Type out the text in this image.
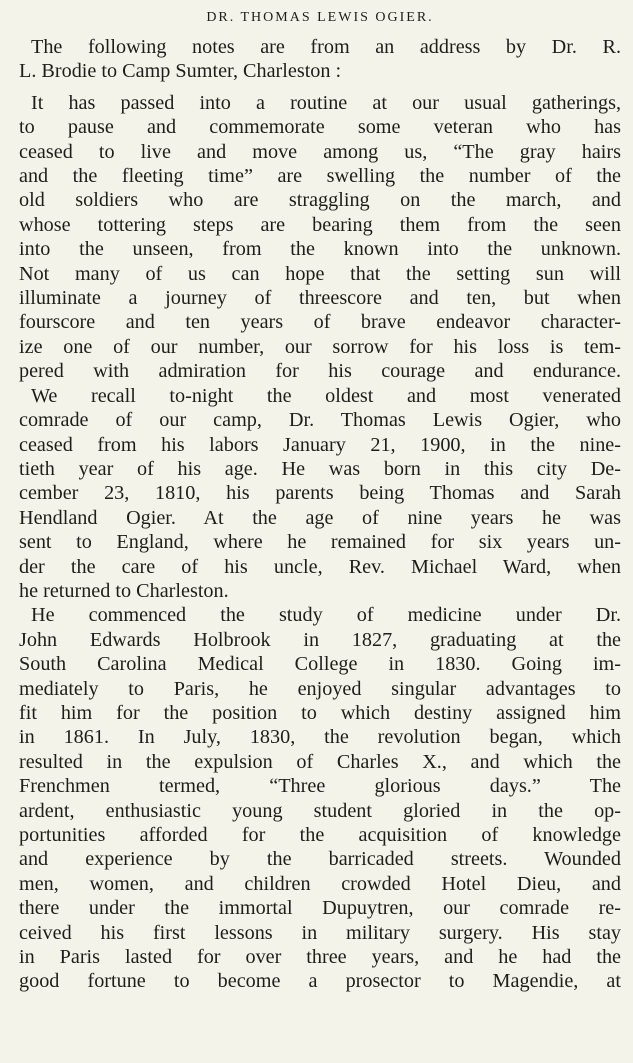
DR. THOMAS LEWIS OGIER.

The following notes are from an address by Dr. R.
L. Brodie to Camp Sumter, Charleston :

It has passed into a routine at our usual gatherings,
to pause and commemorate some veteran who has
ceased to live and move among us, “The gray hairs
and the fleeting time” are swelling the number of the
old soldiers who are straggling on the march, and
whose tottering steps are bearing them from the seen
into the unseen, from the known into the unknown.
Not many of us can hope that the setting sun will
illuminate a journey of threescore and ten, but when
fourscore and ten years of brave endeavor character-
ize one of our number, our sorrow for his loss is tem-
pered with admiration for his courage and endurance.

We recall to-night the oldest and most venerated
comrade of our camp, Dr. Thomas Lewis Ogier, who
ceased from his labors January 21, 1900, in the nine-
tieth year of his age. He was born in this city De-
cember 23, 1810, his parents being Thomas and Sarah
Hendland Ogier. At the age of nine years he was
sent to England, where he remained for six years un-
der the care of his uncle, Rev. Michael Ward, when
he returned to Charleston.

He commenced the study of medicine under Dr.
John Edwards Holbrook in 1827, graduating at the
South Carolina Medical College in 1830. Going im-
mediately to Paris, he enjoyed singular advantages to
fit him for the position to which destiny assigned him
in 1861. In July, 1830, the revolution began, which
resulted in the expulsion of Charles X., and which the
Frenchmen termed, “Three glorious days.” The
ardent, enthusiastic young student gloried in the op-
portunities afforded for the acquisition of knowledge
and experience by the barricaded streets. Wounded
men, women, and children crowded Hotel Dieu, and
there under the immortal Dupuytren, our comrade re-
ceived his first lessons in military surgery. His stay
in Paris lasted for over three years, and he had the
good fortune to become a prosector to Magendie, at
